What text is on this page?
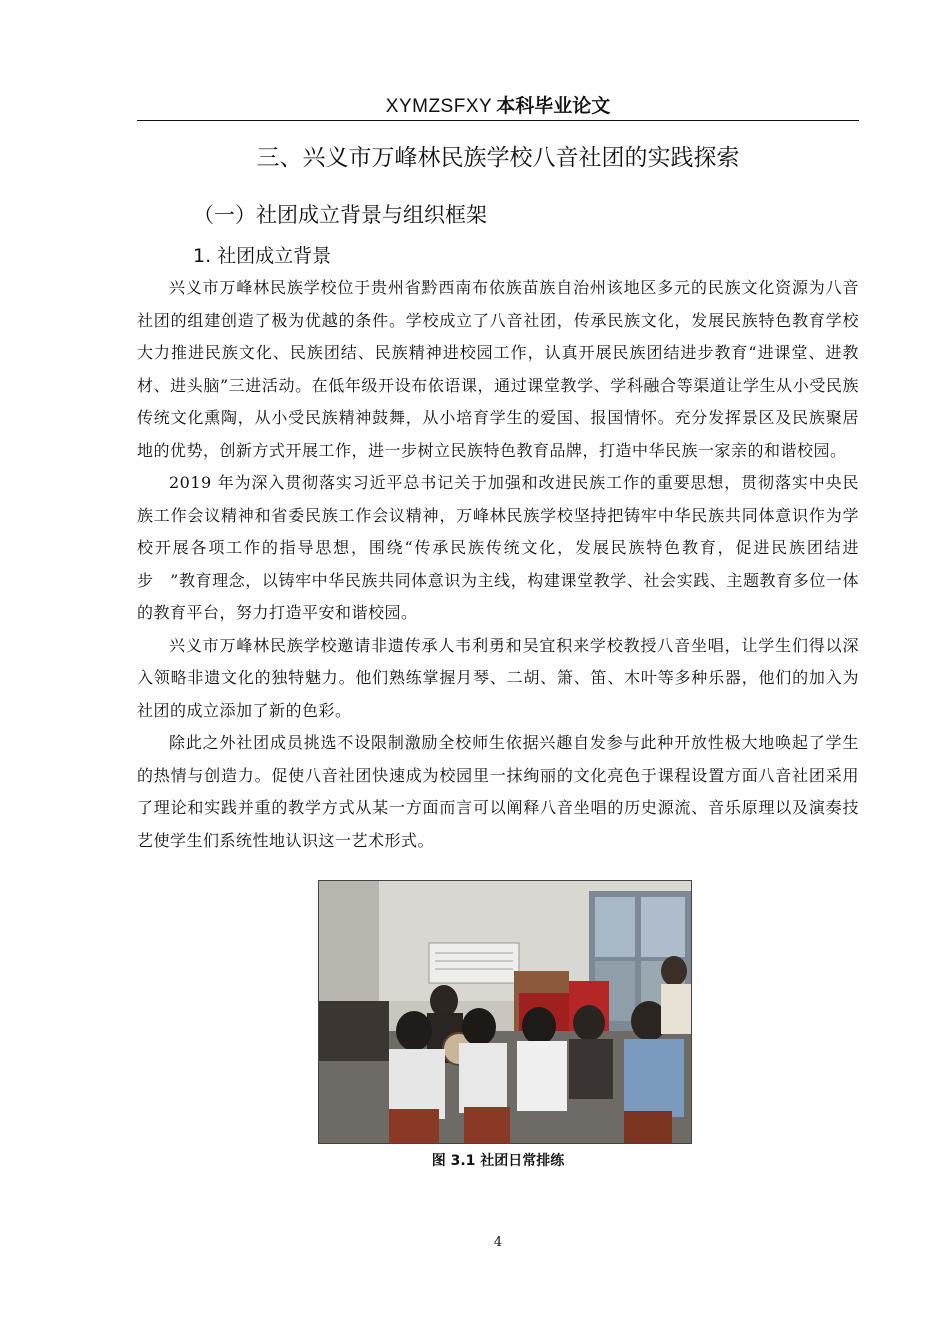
XYMZSFXY 本科毕业论文
三、兴义市万峰林民族学校八音社团的实践探索
（一）社团成立背景与组织框架
1. 社团成立背景

兴义市万峰林民族学校位于贵州省黔西南布依族苗族自治州该地区多元的民族文化资源为八音社团的组建创造了极为优越的条件。学校成立了八音社团，传承民族文化，发展民族特色教育学校大力推进民族文化、民族团结、民族精神进校园工作，认真开展民族团结进步教育“进课堂、进教材、进头脑”三进活动。在低年级开设布依语课，通过课堂教学、学科融合等渠道让学生从小受民族传统文化熏陶，从小受民族精神鼓舞，从小培育学生的爱国、报国情怀。充分发挥景区及民族聚居地的优势，创新方式开展工作，进一步树立民族特色教育品牌，打造中华民族一家亲的和谐校园。

2019 年为深入贯彻落实习近平总书记关于加强和改进民族工作的重要思想，贯彻落实中央民族工作会议精神和省委民族工作会议精神，万峰林民族学校坚持把铸牢中华民族共同体意识作为学校开展各项工作的指导思想，围绕“传承民族传统文化，发展民族特色教育，促进民族团结进步　”教育理念，以铸牢中华民族共同体意识为主线，构建课堂教学、社会实践、主题教育多位一体的教育平台，努力打造平安和谐校园。

兴义市万峰林民族学校邀请非遗传承人韦利勇和吴宜积来学校教授八音坐唱，让学生们得以深入领略非遗文化的独特魅力。他们熟练掌握月琴、二胡、箫、笛、木叶等多种乐器，他们的加入为社团的成立添加了新的色彩。

除此之外社团成员挑选不设限制激励全校师生依据兴趣自发参与此种开放性极大地唤起了学生的热情与创造力。促使八音社团快速成为校园里一抹绚丽的文化亮色于课程设置方面八音社团采用了理论和实践并重的教学方式从某一方面而言可以阐释八音坐唱的历史源流、音乐原理以及演奏技艺使学生们系统性地认识这一艺术形式。

图 3.1 社团日常排练
4
